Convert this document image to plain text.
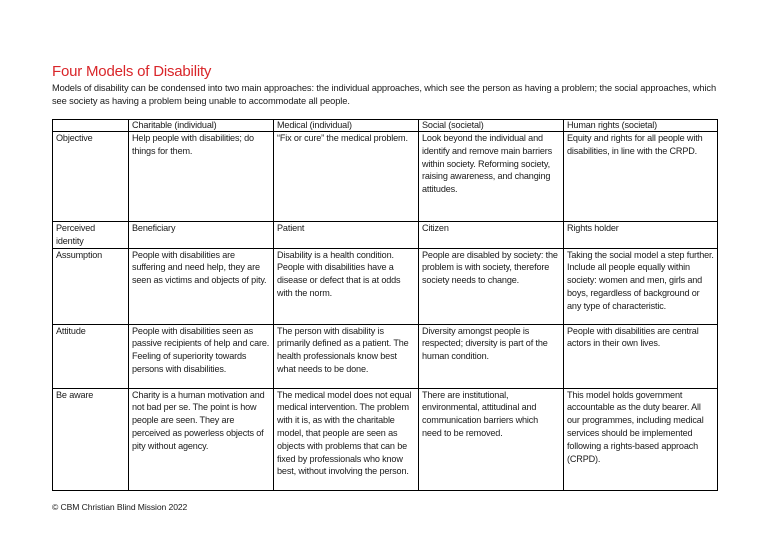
Four Models of Disability

Models of disability can be condensed into two main approaches: the individual approaches, which see the person as having a problem; the social approaches, which see society as having a problem being unable to accommodate all people.

	Charitable (individual)	Medical (individual)	Social (societal)	Human rights (societal)
Objective	Help people with disabilities; do things for them.	“Fix or cure” the medical problem.	Look beyond the individual and identify and remove main barriers within society. Reforming society, raising awareness, and changing attitudes.	Equity and rights for all people with disabilities, in line with the CRPD.
Perceived identity	Beneficiary	Patient	Citizen	Rights holder
Assumption	People with disabilities are suffering and need help, they are seen as victims and objects of pity.	Disability is a health condition. People with disabilities have a disease or defect that is at odds with the norm.	People are disabled by society: the problem is with society, therefore society needs to change.	Taking the social model a step further. Include all people equally within society: women and men, girls and boys, regardless of background or any type of characteristic.
Attitude	People with disabilities seen as passive recipients of help and care. Feeling of superiority towards persons with disabilities.	The person with disability is primarily defined as a patient. The health professionals know best what needs to be done.	Diversity amongst people is respected; diversity is part of the human condition.	People with disabilities are central actors in their own lives.
Be aware	Charity is a human motivation and not bad per se. The point is how people are seen. They are perceived as powerless objects of pity without agency.	The medical model does not equal medical intervention. The problem with it is, as with the charitable model, that people are seen as objects with problems that can be fixed by professionals who know best, without involving the person.	There are institutional, environmental, attitudinal and communication barriers which need to be removed.	This model holds government accountable as the duty bearer. All our programmes, including medical services should be implemented following a rights-based approach (CRPD).

© CBM Christian Blind Mission 2022
